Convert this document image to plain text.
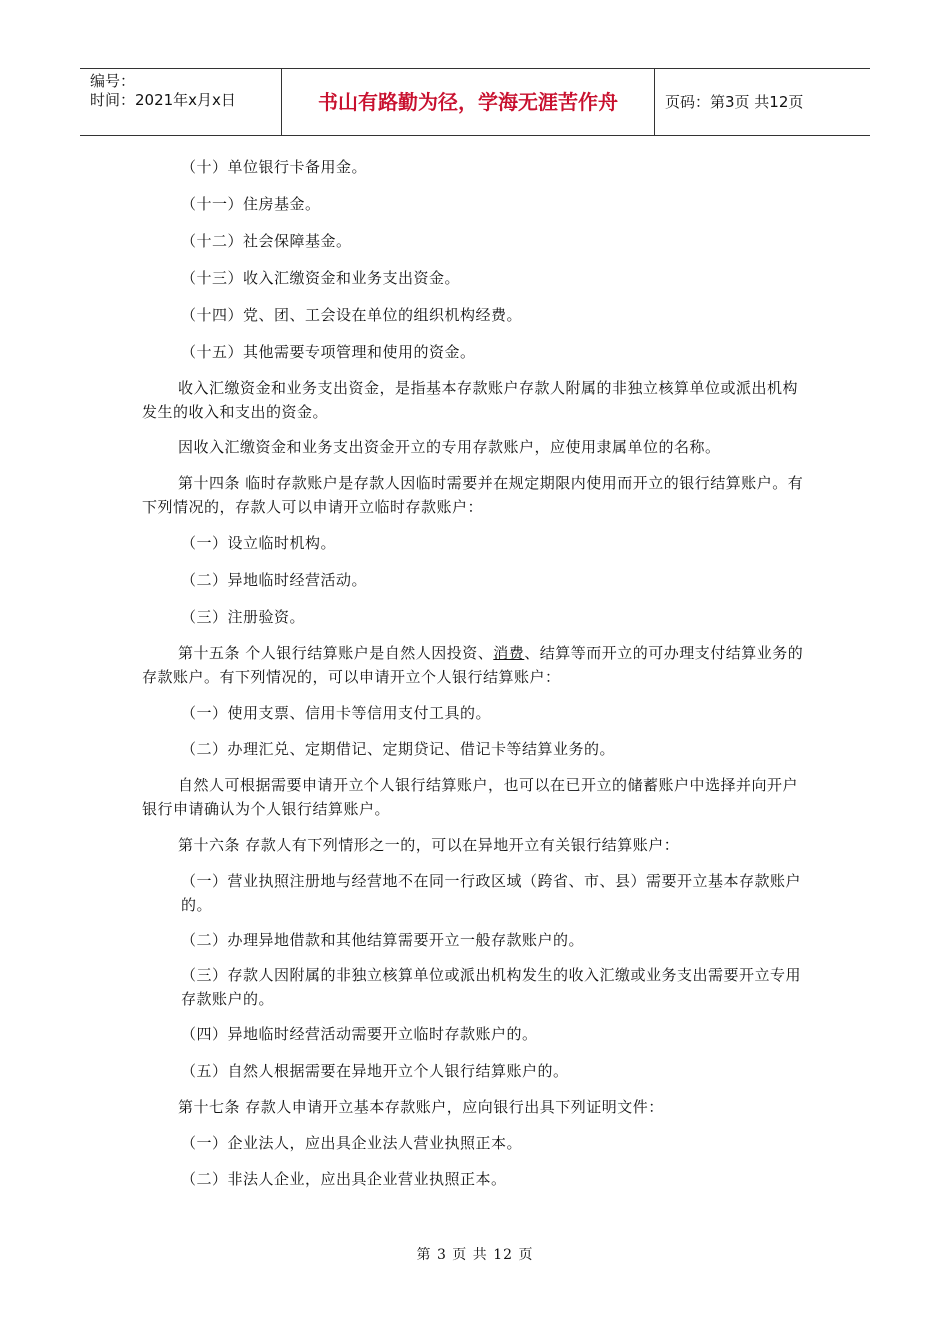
编号：
时间：2021年x月x日	书山有路勤为径，学海无涯苦作舟	页码：第3页 共12页

（十）单位银行卡备用金。

（十一）住房基金。

（十二）社会保障基金。

（十三）收入汇缴资金和业务支出资金。

（十四）党、团、工会设在单位的组织机构经费。

（十五）其他需要专项管理和使用的资金。

收入汇缴资金和业务支出资金，是指基本存款账户存款人附属的非独立核算单位或派出机构发生的收入和支出的资金。

因收入汇缴资金和业务支出资金开立的专用存款账户，应使用隶属单位的名称。

第十四条 临时存款账户是存款人因临时需要并在规定期限内使用而开立的银行结算账户。有下列情况的，存款人可以申请开立临时存款账户：

（一）设立临时机构。

（二）异地临时经营活动。

（三）注册验资。

第十五条 个人银行结算账户是自然人因投资、消费、结算等而开立的可办理支付结算业务的存款账户。有下列情况的，可以申请开立个人银行结算账户：

（一）使用支票、信用卡等信用支付工具的。

（二）办理汇兑、定期借记、定期贷记、借记卡等结算业务的。

自然人可根据需要申请开立个人银行结算账户，也可以在已开立的储蓄账户中选择并向开户银行申请确认为个人银行结算账户。

第十六条 存款人有下列情形之一的，可以在异地开立有关银行结算账户：

（一）营业执照注册地与经营地不在同一行政区域（跨省、市、县）需要开立基本存款账户的。

（二）办理异地借款和其他结算需要开立一般存款账户的。

（三）存款人因附属的非独立核算单位或派出机构发生的收入汇缴或业务支出需要开立专用存款账户的。

（四）异地临时经营活动需要开立临时存款账户的。

（五）自然人根据需要在异地开立个人银行结算账户的。

第十七条 存款人申请开立基本存款账户，应向银行出具下列证明文件：

（一）企业法人，应出具企业法人营业执照正本。

（二）非法人企业，应出具企业营业执照正本。

第 3 页 共 12 页
